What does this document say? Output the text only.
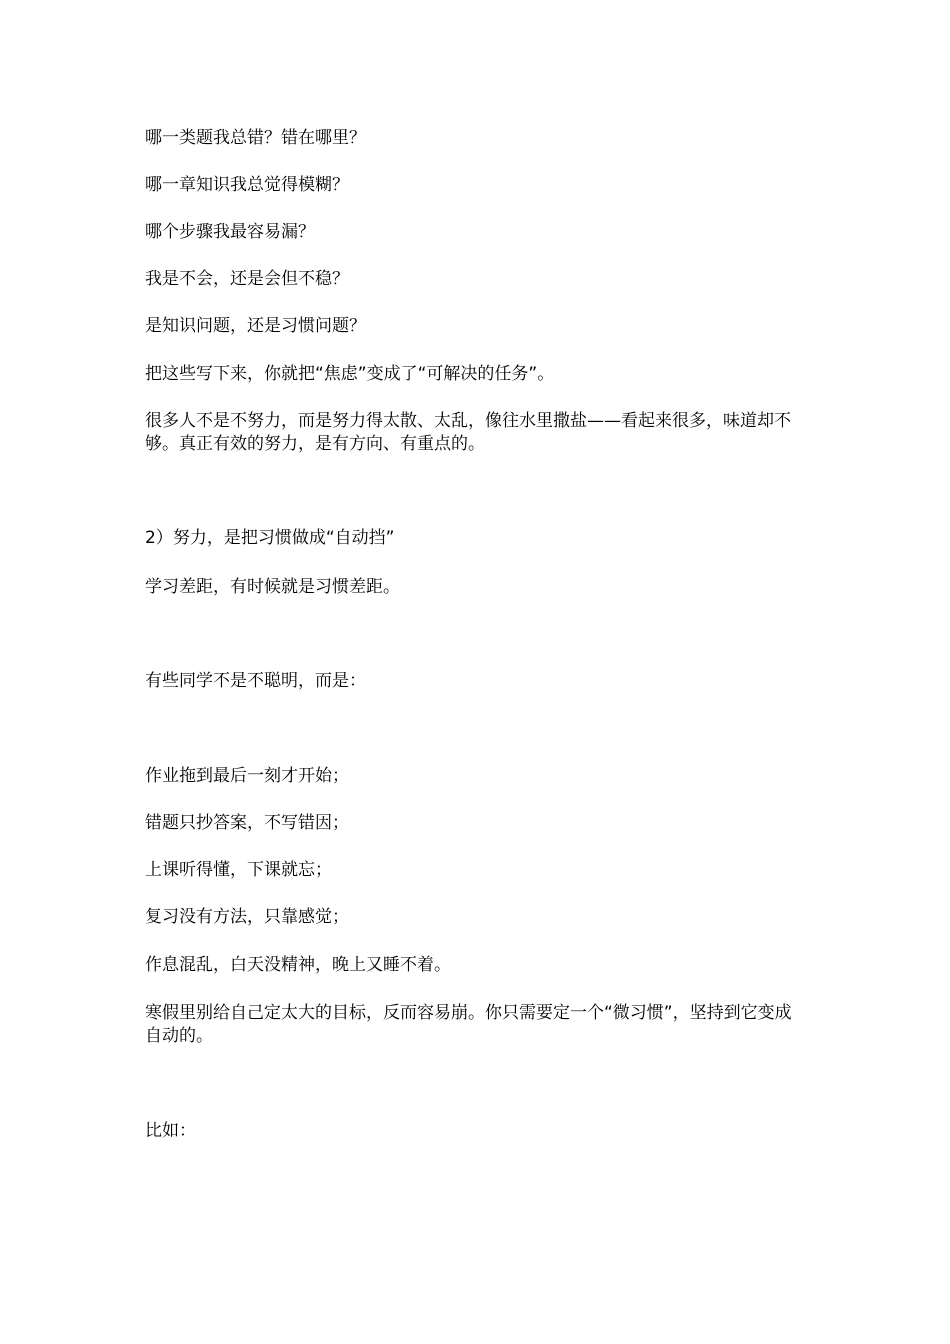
哪一类题我总错？错在哪里？

哪一章知识我总觉得模糊？

哪个步骤我最容易漏？

我是不会，还是会但不稳？

是知识问题，还是习惯问题？

把这些写下来，你就把“焦虑”变成了“可解决的任务”。

很多人不是不努力，而是努力得太散、太乱，像往水里撒盐——看起来很多，味道却不够。真正有效的努力，是有方向、有重点的。

2）努力，是把习惯做成“自动挡”

学习差距，有时候就是习惯差距。

有些同学不是不聪明，而是：

作业拖到最后一刻才开始；

错题只抄答案，不写错因；

上课听得懂，下课就忘；

复习没有方法，只靠感觉；

作息混乱，白天没精神，晚上又睡不着。

寒假里别给自己定太大的目标，反而容易崩。你只需要定一个“微习惯”，坚持到它变成自动的。

比如：
